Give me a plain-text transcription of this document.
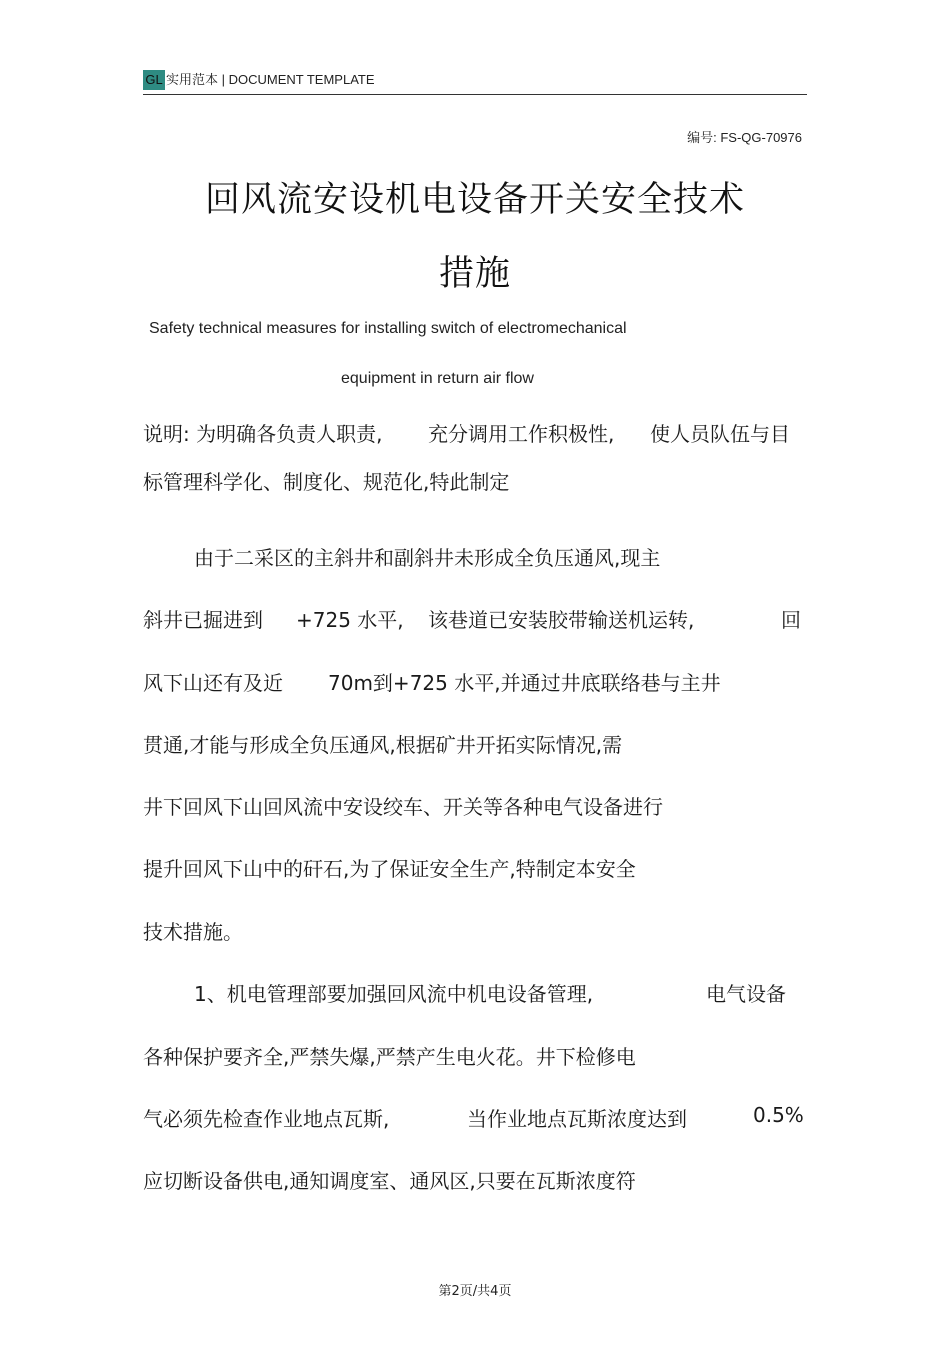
GL 实用范本 | DOCUMENT TEMPLATE
编号: FS-QG-70976
回风流安设机电设备开关安全技术
措施
Safety technical measures for installing switch of electromechanical
equipment in return air flow
说明: 为明确各负责人职责, 充分调用工作积极性, 使人员队伍与目
标管理科学化、制度化、规范化,特此制定
由于二采区的主斜井和副斜井未形成全负压通风,现主
斜井已掘进到 +725 水平, 该巷道已安装胶带输送机运转,	回
风下山还有及近 70m到+725 水平,并通过井底联络巷与主井
贯通,才能与形成全负压通风,根据矿井开拓实际情况,需
井下回风下山回风流中安设绞车、开关等各种电气设备进行
提升回风下山中的矸石,为了保证安全生产,特制定本安全
技术措施。
1、机电管理部要加强回风流中机电设备管理,	电气设备
各种保护要齐全,严禁失爆,严禁产生电火花。井下检修电
气必须先检查作业地点瓦斯,	当作业地点瓦斯浓度达到	0.5%
应切断设备供电,通知调度室、通风区,只要在瓦斯浓度符
第2页/共4页
